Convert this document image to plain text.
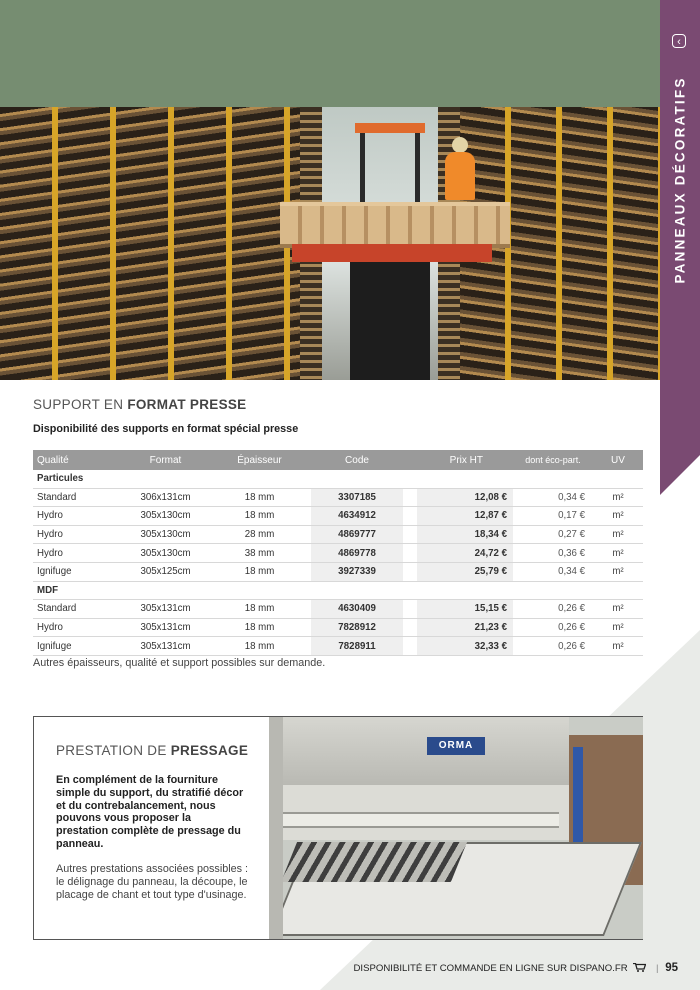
‹
PANNEAUX DÉCORATIFS
SUPPORT EN FORMAT PRESSE
Disponibilité des supports en format spécial presse
Qualité	Format	Épaisseur	Code		Prix HT	dont éco-part.	UV
Particules							
Standard	306x131cm	18 mm	3307185		12,08 €	0,34 €	m²
Hydro	305x130cm	18 mm	4634912		12,87 €	0,17 €	m²
Hydro	305x130cm	28 mm	4869777		18,34 €	0,27 €	m²
Hydro	305x130cm	38 mm	4869778		24,72 €	0,36 €	m²
Ignifuge	305x125cm	18 mm	3927339		25,79 €	0,34 €	m²
MDF							
Standard	305x131cm	18 mm	4630409		15,15 €	0,26 €	m²
Hydro	305x131cm	18 mm	7828912		21,23 €	0,26 €	m²
Ignifuge	305x131cm	18 mm	7828911		32,33 €	0,26 €	m²
Autres épaisseurs, qualité et support possibles sur demande.
PRESTATION DE PRESSAGE
En complément de la fourniture simple du support, du stratifié décor et du contrebalancement, nous pouvons vous proposer la prestation complète de pressage du panneau.
Autres prestations associées possibles : le délignage du panneau, la découpe, le placage de chant et tout type d'usinage.
ORMA
DISPONIBILITÉ ET COMMANDE EN LIGNE SUR DISPANO.FR	| 95
